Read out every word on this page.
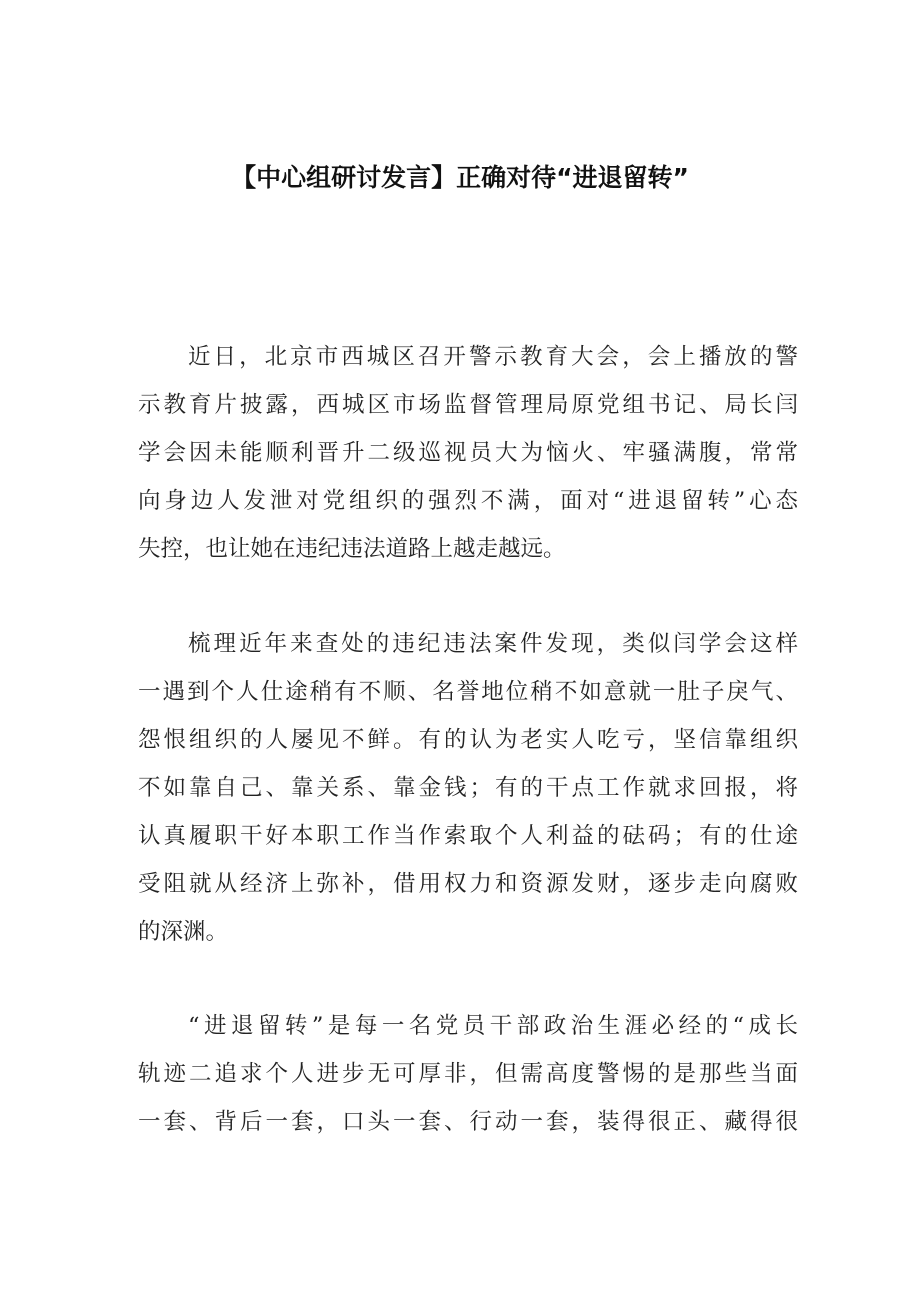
【中心组研讨发言】正确对待“进退留转”
近日，北京市西城区召开警示教育大会，会上播放的警
示教育片披露，西城区市场监督管理局原党组书记、局长闫
学会因未能顺利晋升二级巡视员大为恼火、牢骚满腹，常常
向身边人发泄对党组织的强烈不满，面对“进退留转”心态
失控，也让她在违纪违法道路上越走越远。
梳理近年来查处的违纪违法案件发现，类似闫学会这样
一遇到个人仕途稍有不顺、名誉地位稍不如意就一肚子戾气、
怨恨组织的人屡见不鲜。有的认为老实人吃亏，坚信靠组织
不如靠自己、靠关系、靠金钱；有的干点工作就求回报，将
认真履职干好本职工作当作索取个人利益的砝码；有的仕途
受阻就从经济上弥补，借用权力和资源发财，逐步走向腐败
的深渊。
“进退留转”是每一名党员干部政治生涯必经的“成长
轨迹二追求个人进步无可厚非，但需高度警惕的是那些当面
一套、背后一套，口头一套、行动一套，装得很正、藏得很
